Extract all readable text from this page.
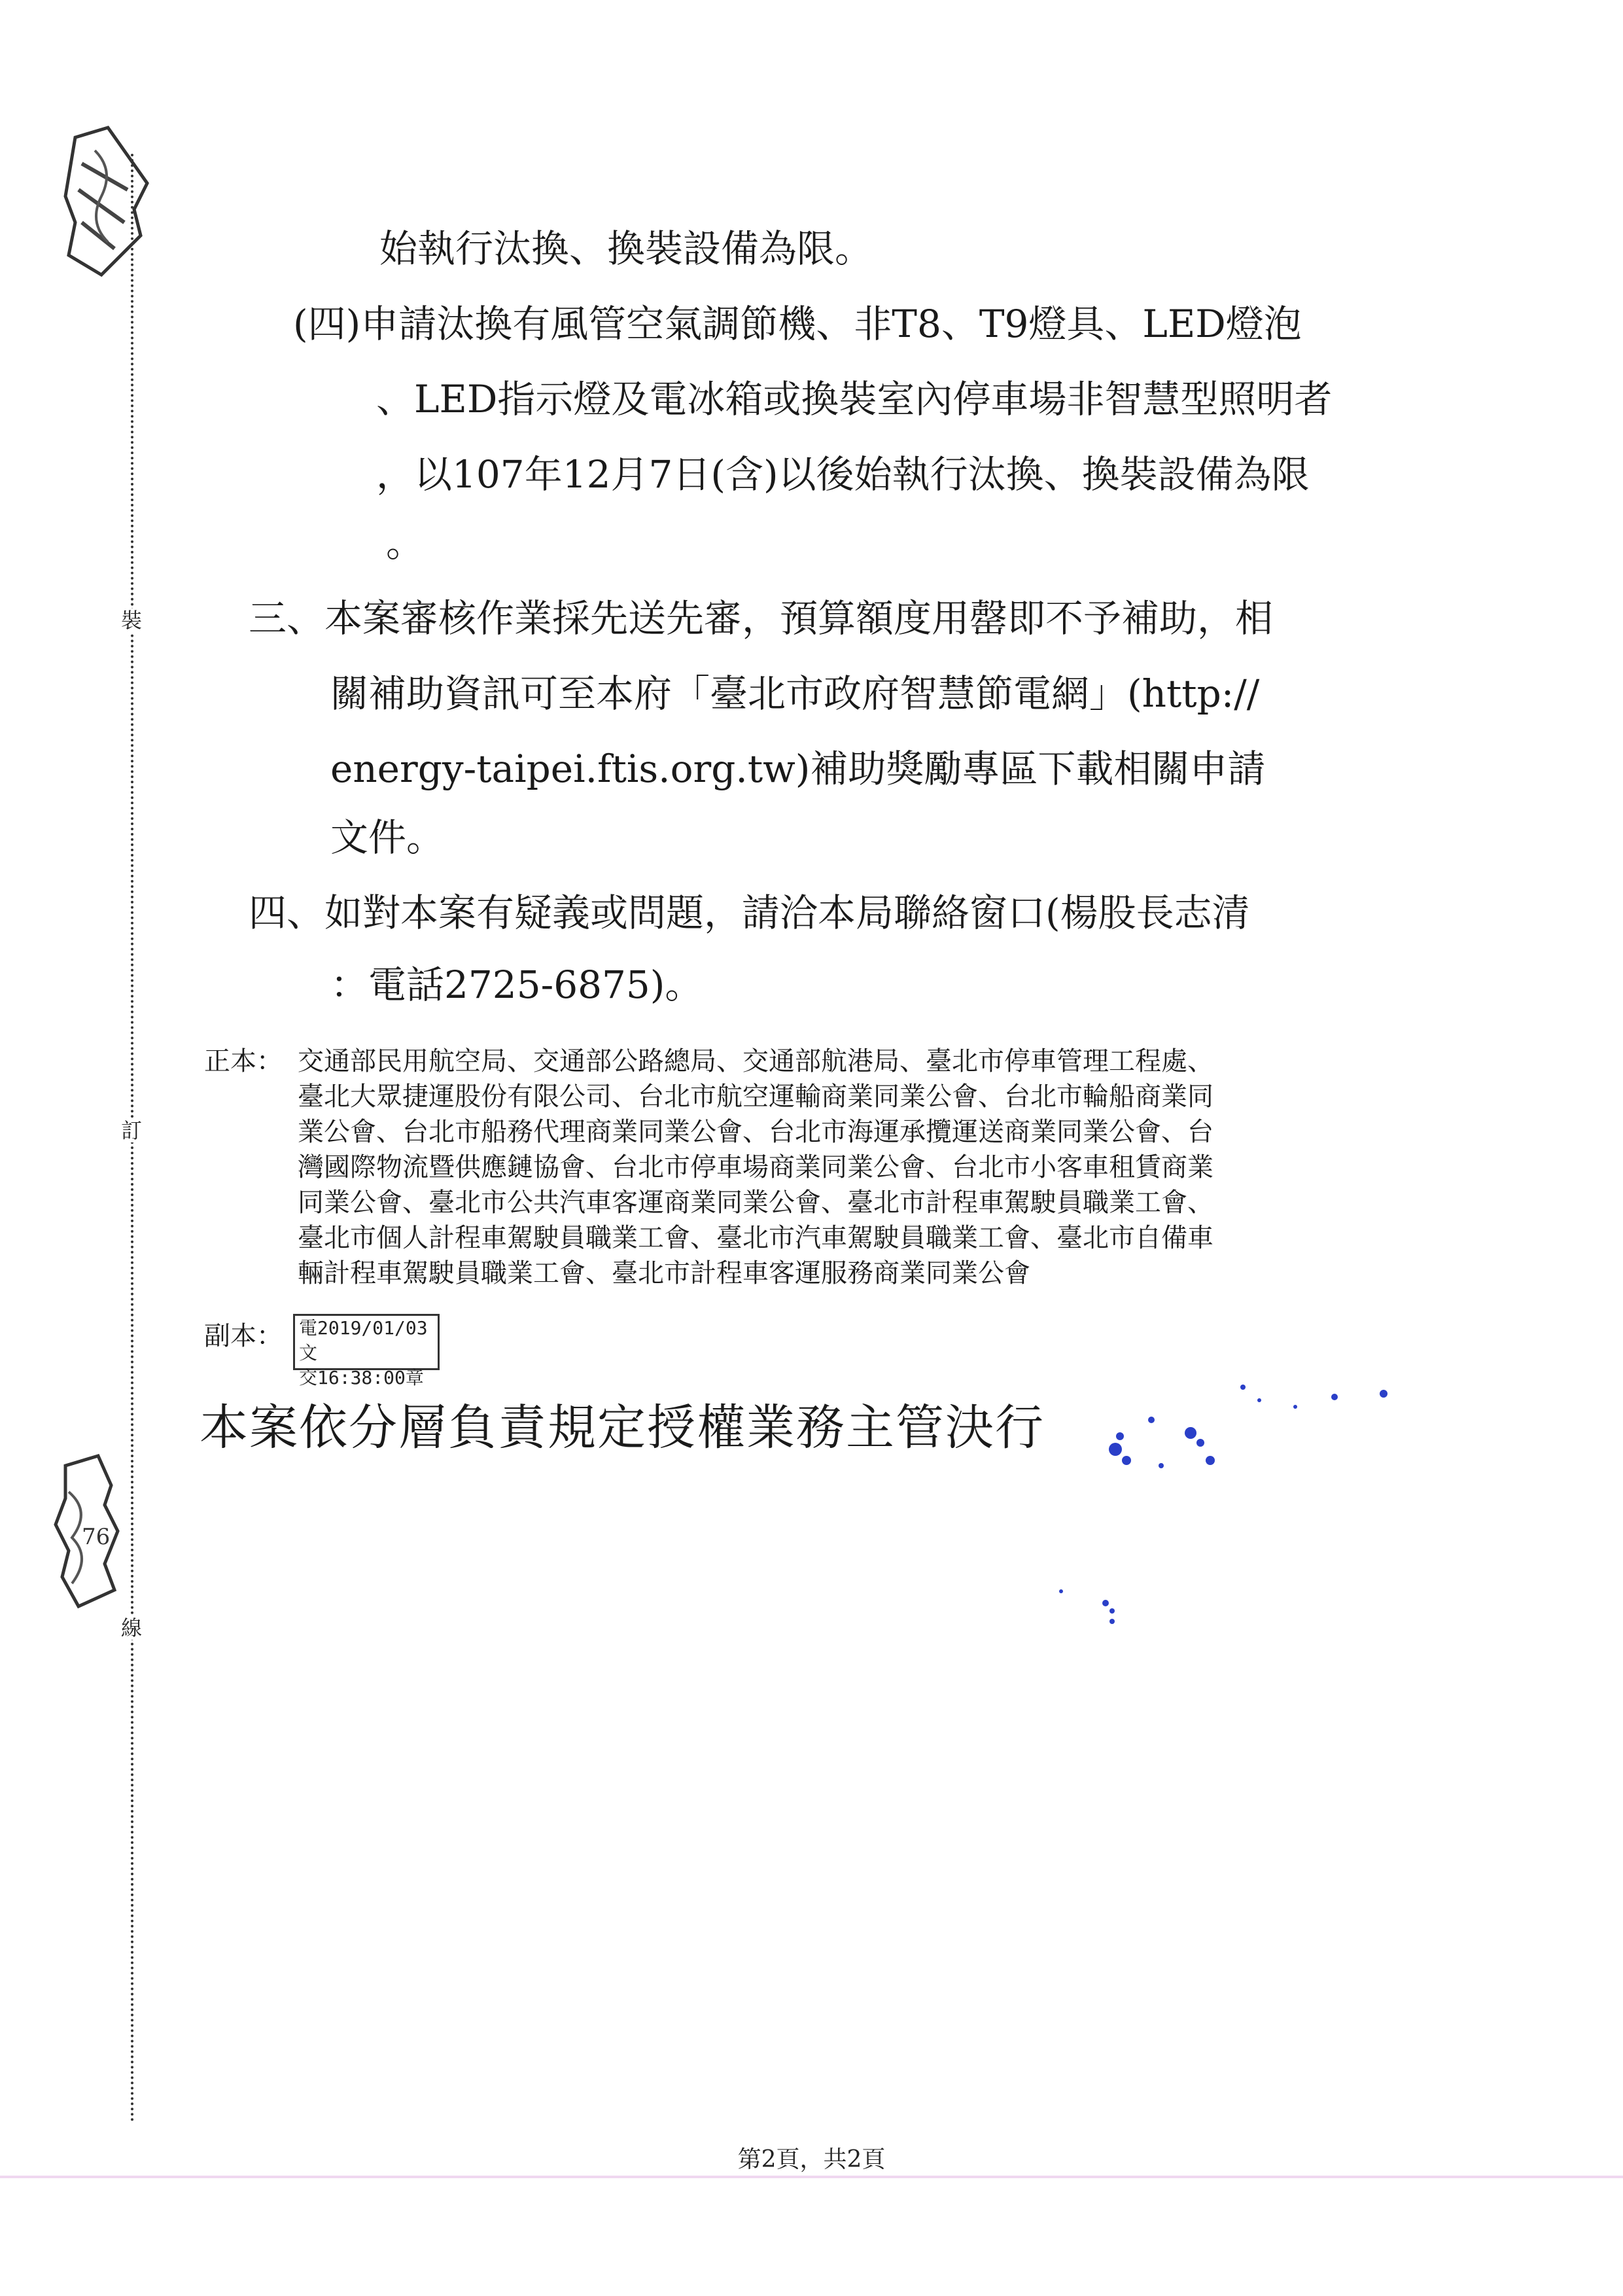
裝
訂
線
76
始執行汰換、換裝設備為限。
(四)申請汰換有風管空氣調節機、非T8、T9燈具、LED燈泡
、LED指示燈及電冰箱或換裝室內停車場非智慧型照明者
，以107年12月7日(含)以後始執行汰換、換裝設備為限
。
三、本案審核作業採先送先審，預算額度用罄即不予補助，相
關補助資訊可至本府「臺北市政府智慧節電網」(http://
energy-taipei.ftis.org.tw)補助獎勵專區下載相關申請
文件。
四、如對本案有疑義或問題，請洽本局聯絡窗口(楊股長志清
：電話2725-6875)。
正本： 交通部民用航空局、交通部公路總局、交通部航港局、臺北市停車管理工程處、
臺北大眾捷運股份有限公司、台北市航空運輸商業同業公會、台北市輪船商業同
業公會、台北市船務代理商業同業公會、台北市海運承攬運送商業同業公會、台
灣國際物流暨供應鏈協會、台北市停車場商業同業公會、台北市小客車租賃商業
同業公會、臺北市公共汽車客運商業同業公會、臺北市計程車駕駛員職業工會、
臺北市個人計程車駕駛員職業工會、臺北市汽車駕駛員職業工會、臺北市自備車
輛計程車駕駛員職業工會、臺北市計程車客運服務商業同業公會
副本： 電2019/01/03文
交16:38:00章
本案依分層負責規定授權業務主管決行
第2頁，共2頁
